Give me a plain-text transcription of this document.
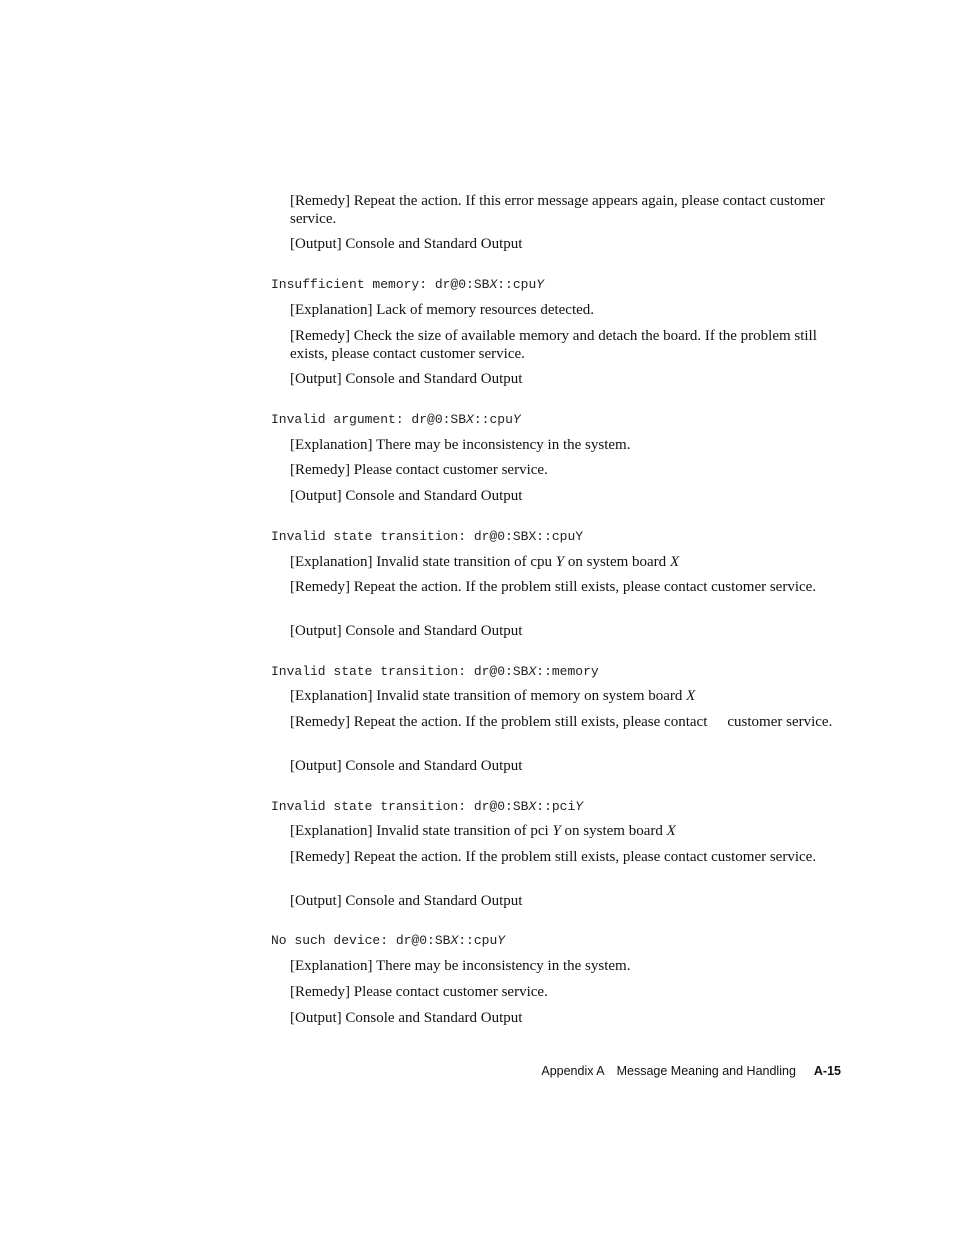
[Remedy] Repeat the action. If this error message appears again, please contact customer service.

[Output] Console and Standard Output

Insufficient memory: dr@0:SBX::cpuY

[Explanation] Lack of memory resources detected.

[Remedy] Check the size of available memory and detach the board. If the problem still exists, please contact customer service.

[Output] Console and Standard Output

Invalid argument: dr@0:SBX::cpuY

[Explanation] There may be inconsistency in the system.

[Remedy] Please contact customer service.

[Output] Console and Standard Output

Invalid state transition: dr@0:SBX::cpuY

[Explanation] Invalid state transition of cpu Y on system board X

[Remedy] Repeat the action. If the problem still exists, please contact customer service.

[Output] Console and Standard Output

Invalid state transition: dr@0:SBX::memory

[Explanation] Invalid state transition of memory on system board X

[Remedy] Repeat the action. If the problem still exists, please contact customer service.

[Output] Console and Standard Output

Invalid state transition: dr@0:SBX::pciY

[Explanation] Invalid state transition of pci Y on system board X

[Remedy] Repeat the action. If the problem still exists, please contact customer service.

[Output] Console and Standard Output

No such device: dr@0:SBX::cpuY

[Explanation] There may be inconsistency in the system.

[Remedy] Please contact customer service.

[Output] Console and Standard Output

Appendix A Message Meaning and Handling A-15
